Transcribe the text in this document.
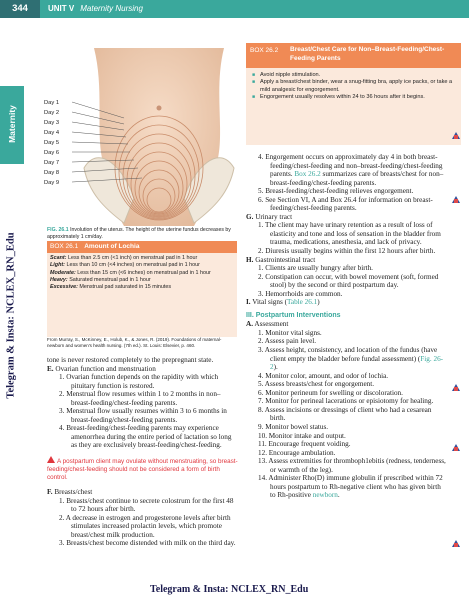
344	UNIT V Maternity Nursing
Maternity
Telegram & Insta: NCLEX_RN_Edu
Telegram & Insta: NCLEX_RN_Edu
Day 1
Day 2
Day 3
Day 4
Day 5
Day 6
Day 7
Day 8
Day 9
FIG. 26.1 Involution of the uterus. The height of the uterine fundus decreases by approximately 1 cm/day.
BOX 26.1 Amount of Lochia
Scant: Less than 2.5 cm (<1 inch) on menstrual pad in 1 hour
Light: Less than 10 cm (<4 inches) on menstrual pad in 1 hour
Moderate: Less than 15 cm (<6 inches) on menstrual pad in 1 hour
Heavy: Saturated menstrual pad in 1 hour
Excessive: Menstrual pad saturated in 15 minutes
From Murray, S., McKinney, E., Holub, K., & Jones, R. (2019). Foundations of maternal-newborn and women's health nursing. (7th ed.). St. Louis: Elsevier, p. 460.
BOX 26.2 Breast/Chest Care for Non–Breast-Feeding/Chest-Feeding Parents
■ Avoid nipple stimulation.
■ Apply a breast/chest binder, wear a snug-fitting bra, apply ice packs, or take a mild analgesic for engorgement.
■ Engorgement usually resolves within 24 to 36 hours after it begins.
tone is never restored completely to the prepregnant state.
E. Ovarian function and menstruation
1. Ovarian function depends on the rapidity with which pituitary function is restored.
2. Menstrual flow resumes within 1 to 2 months in non–breast-feeding/chest-feeding parents.
3. Menstrual flow usually resumes within 3 to 6 months in breast-feeding/chest-feeding parents.
4. Breast-feeding/chest-feeding parents may experience amenorrhea during the entire period of lactation so long as they are exclusively breast-feeding/chest-feeding.
A postpartum client may ovulate without menstruating, so breast-feeding/chest-feeding should not be considered a form of birth control.
F. Breasts/chest
1. Breasts/chest continue to secrete colostrum for the first 48 to 72 hours after birth.
2. A decrease in estrogen and progesterone levels after birth stimulates increased prolactin levels, which promote breast/chest milk production.
3. Breasts/chest become distended with milk on the third day.
4. Engorgement occurs on approximately day 4 in both breast-feeding/chest-feeding and non–breast-feeding/chest-feeding parents. Box 26.2 summarizes care of breasts/chest for non–breast-feeding/chest-feeding parents.
5. Breast-feeding/chest-feeding relieves engorgement.
6. See Section VI, A and Box 26.4 for information on breast-feeding/chest-feeding parents.
G. Urinary tract
1. The client may have urinary retention as a result of loss of elasticity and tone and loss of sensation in the bladder from trauma, medications, anesthesia, and lack of privacy.
2. Diuresis usually begins within the first 12 hours after birth.
H. Gastrointestinal tract
1. Clients are usually hungry after birth.
2. Constipation can occur, with bowel movement (soft, formed stool) by the second or third postpartum day.
3. Hemorrhoids are common.
I. Vital signs (Table 26.1)
III. Postpartum Interventions
A. Assessment
1. Monitor vital signs.
2. Assess pain level.
3. Assess height, consistency, and location of the fundus (have client empty the bladder before fundal assessment) (Fig. 26-2).
4. Monitor color, amount, and odor of lochia.
5. Assess breasts/chest for engorgement.
6. Monitor perineum for swelling or discoloration.
7. Monitor for perineal lacerations or episiotomy for healing.
8. Assess incisions or dressings of client who had a cesarean birth.
9. Monitor bowel status.
10. Monitor intake and output.
11. Encourage frequent voiding.
12. Encourage ambulation.
13. Assess extremities for thromboph1ebitis (redness, tenderness, or warmth of the leg).
14. Administer Rho(D) immune globulin if prescribed within 72 hours postpartum to Rh-negative client who has given birth to Rh-positive newborn.
